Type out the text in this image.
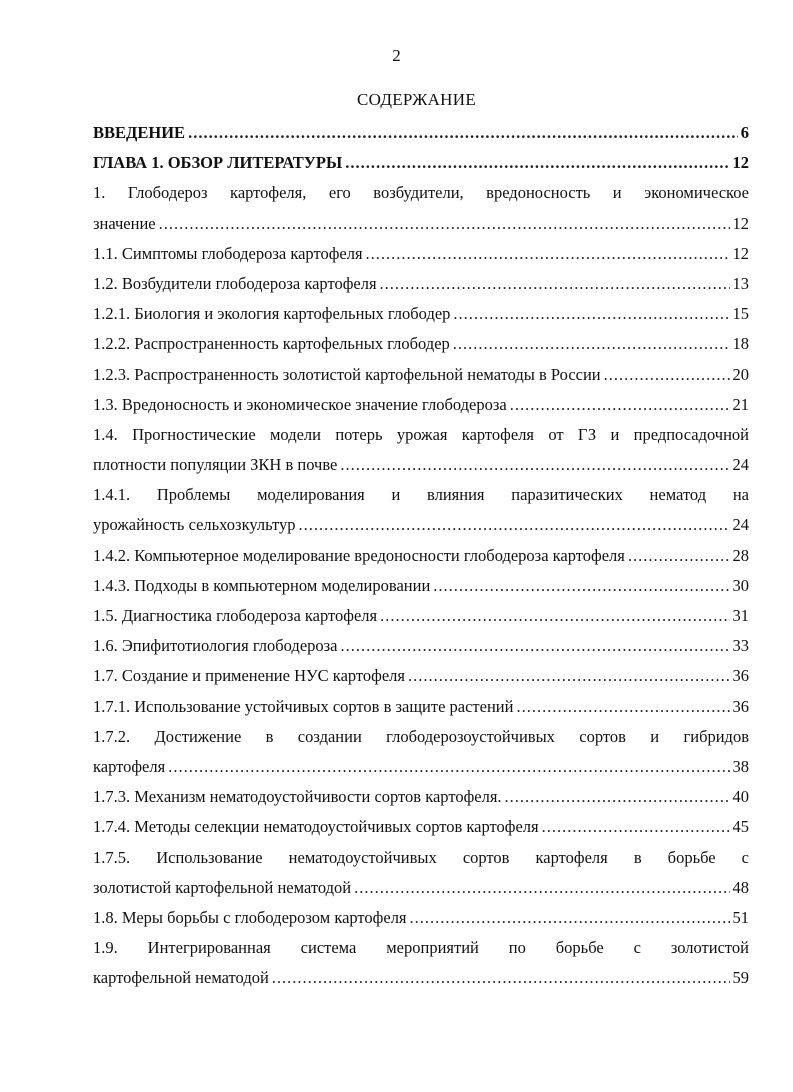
2
СОДЕРЖАНИЕ
ВВЕДЕНИЕ .....	6
ГЛАВА 1. ОБЗОР ЛИТЕРАТУРЫ .....	12
1. Глободероз картофеля, его возбудители, вредоносность и экономическое
значение .....	12
1.1. Симптомы глободероза картофеля .....	12
1.2. Возбудители глободероза картофеля .....	13
1.2.1. Биология и экология картофельных глободер .....	15
1.2.2. Распространенность картофельных глободер .....	18
1.2.3. Распространенность золотистой картофельной нематоды в России .....	20
1.3. Вредоносность и экономическое значение глободероза .....	21
1.4. Прогностические модели потерь урожая картофеля от ГЗ и предпосадочной
плотности популяции ЗКН в почве .....	24
1.4.1. Проблемы моделирования и влияния паразитических нематод на
урожайность сельхозкультур .....	24
1.4.2. Компьютерное моделирование вредоносности глободероза картофеля .....	28
1.4.3. Подходы в компьютерном моделировании .....	30
1.5. Диагностика глободероза картофеля .....	31
1.6. Эпифитотиология глободероза .....	33
1.7. Создание и применение НУС картофеля .....	36
1.7.1. Использование устойчивых сортов в защите растений .....	36
1.7.2. Достижение в создании глободерозоустойчивых сортов и гибридов
картофеля .....	38
1.7.3. Механизм нематодоустойчивости сортов картофеля. .....	40
1.7.4. Методы селекции нематодоустойчивых сортов картофеля .....	45
1.7.5. Использование нематодоустойчивых сортов картофеля в борьбе с
золотистой картофельной нематодой .....	48
1.8. Меры борьбы с глободерозом картофеля .....	51
1.9. Интегрированная система мероприятий по борьбе с золотистой
картофельной нематодой .....	59
